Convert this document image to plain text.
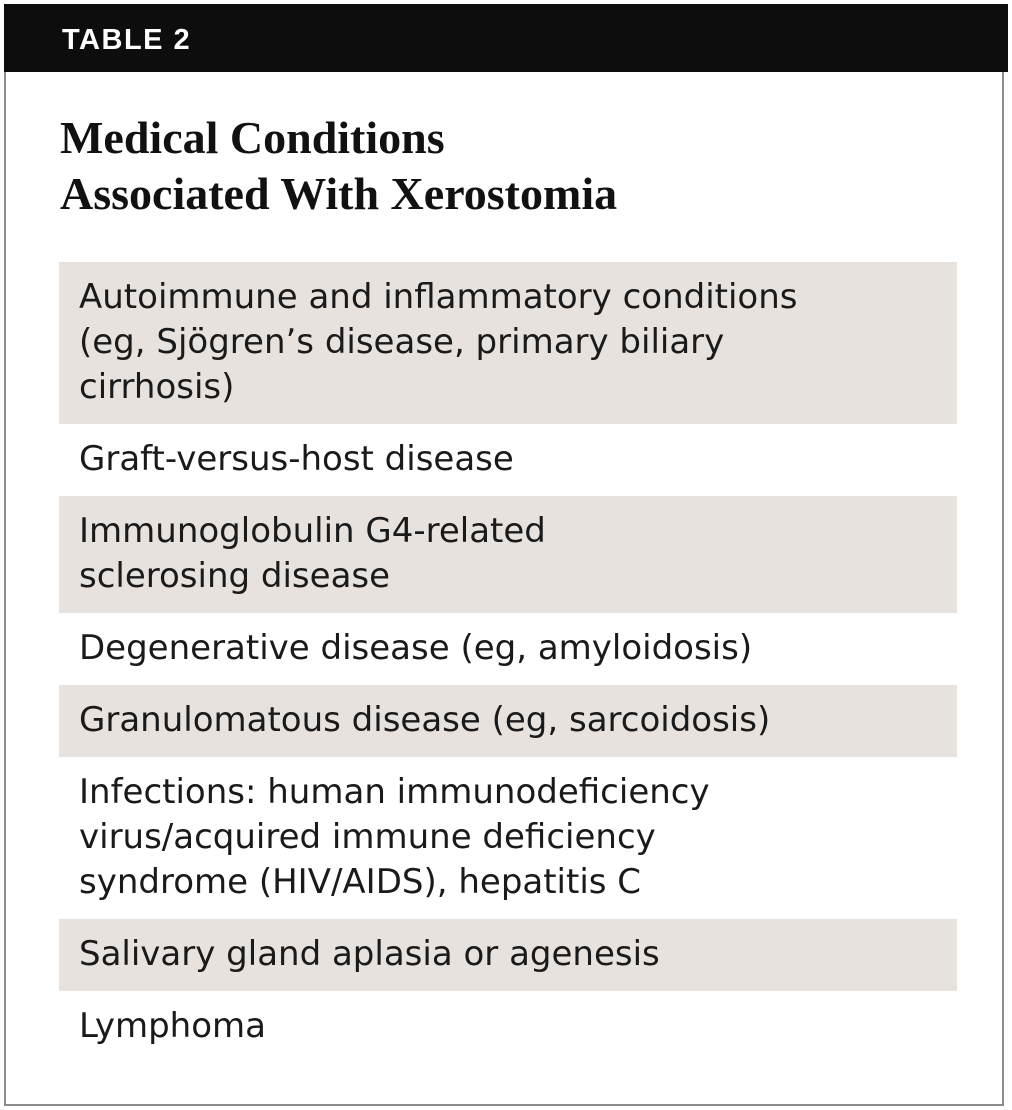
TABLE 2
Medical Conditions
Associated With Xerostomia
Autoimmune and inflammatory conditions
(eg, Sjögren’s disease, primary biliary
cirrhosis)
Graft-versus-host disease
Immunoglobulin G4-related
sclerosing disease
Degenerative disease (eg, amyloidosis)
Granulomatous disease (eg, sarcoidosis)
Infections: human immunodeficiency
virus/acquired immune deficiency
syndrome (HIV/AIDS), hepatitis C
Salivary gland aplasia or agenesis
Lymphoma
